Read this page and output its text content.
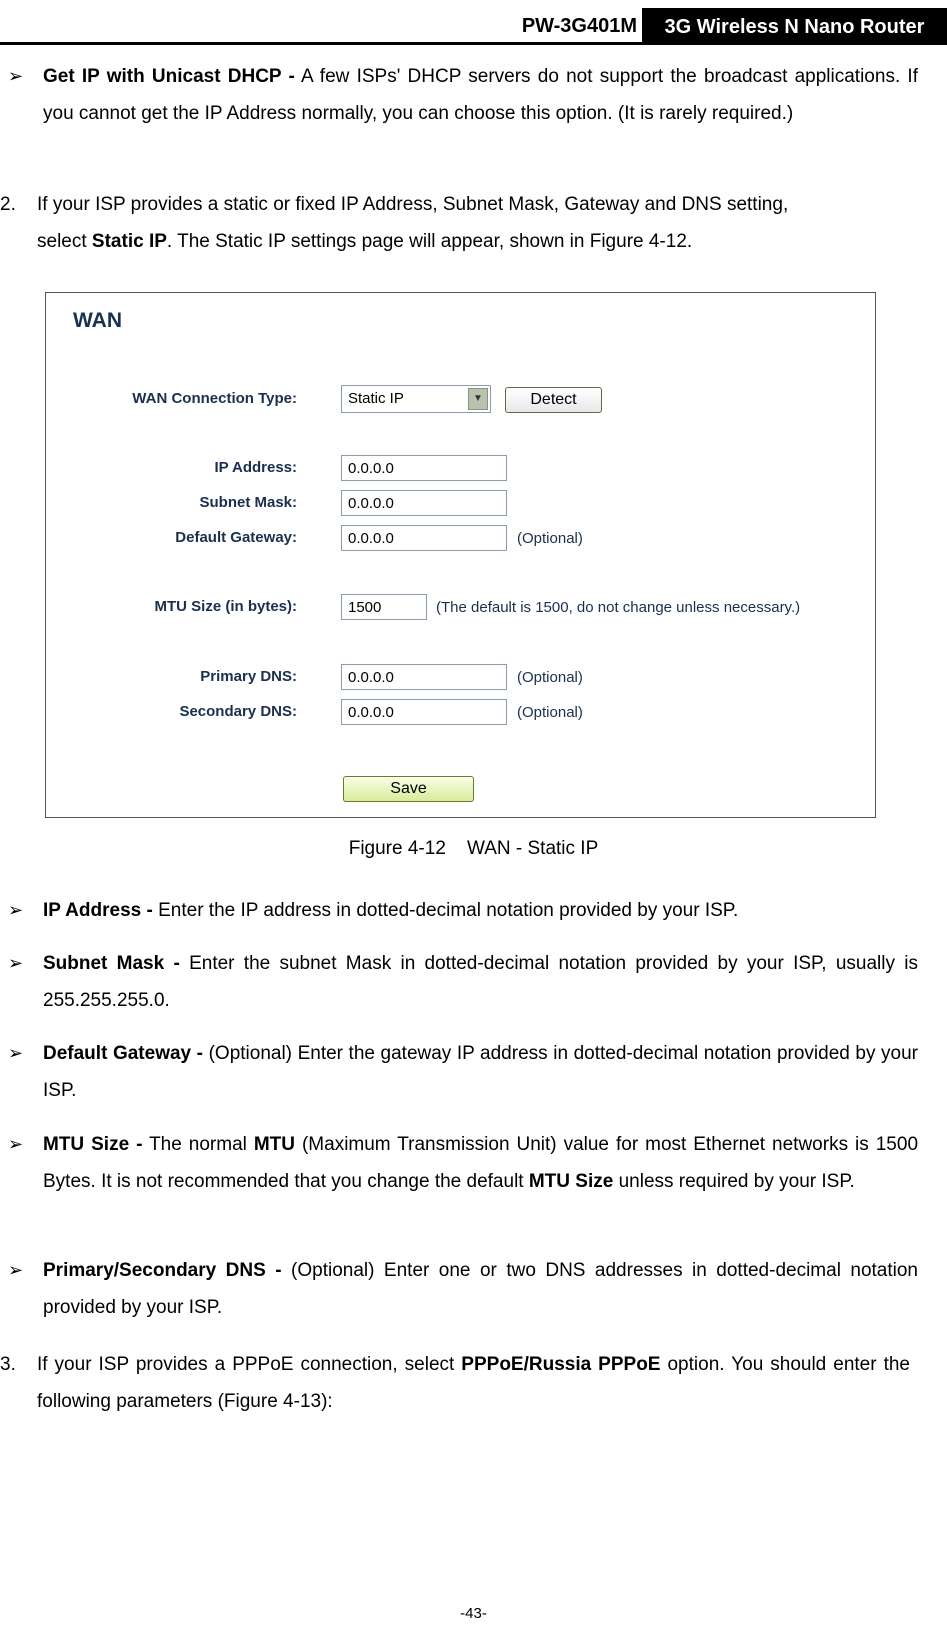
PW-3G401M	3G Wireless N Nano Router
➢ Get IP with Unicast DHCP - A few ISPs' DHCP servers do not support the broadcast applications. If you cannot get the IP Address normally, you can choose this option. (It is rarely required.)
2. If your ISP provides a static or fixed IP Address, Subnet Mask, Gateway and DNS setting,
select Static IP. The Static IP settings page will appear, shown in Figure 4-12.
WAN
WAN Connection Type:	Static IP	▼	Detect
IP Address:	0.0.0.0
Subnet Mask:	0.0.0.0
Default Gateway:	0.0.0.0	(Optional)
MTU Size (in bytes):	1500	(The default is 1500, do not change unless necessary.)
Primary DNS:	0.0.0.0	(Optional)
Secondary DNS:	0.0.0.0	(Optional)
Save
Figure 4-12    WAN - Static IP
➢ IP Address - Enter the IP address in dotted-decimal notation provided by your ISP.
➢ Subnet Mask - Enter the subnet Mask in dotted-decimal notation provided by your ISP, usually is 255.255.255.0.
➢ Default Gateway - (Optional) Enter the gateway IP address in dotted-decimal notation provided by your ISP.
➢ MTU Size - The normal MTU (Maximum Transmission Unit) value for most Ethernet networks is 1500 Bytes. It is not recommended that you change the default MTU Size unless required by your ISP.
➢ Primary/Secondary DNS - (Optional) Enter one or two DNS addresses in dotted-decimal notation provided by your ISP.
3. If your ISP provides a PPPoE connection, select PPPoE/Russia PPPoE option. You should enter the following parameters (Figure 4-13):
-43-
